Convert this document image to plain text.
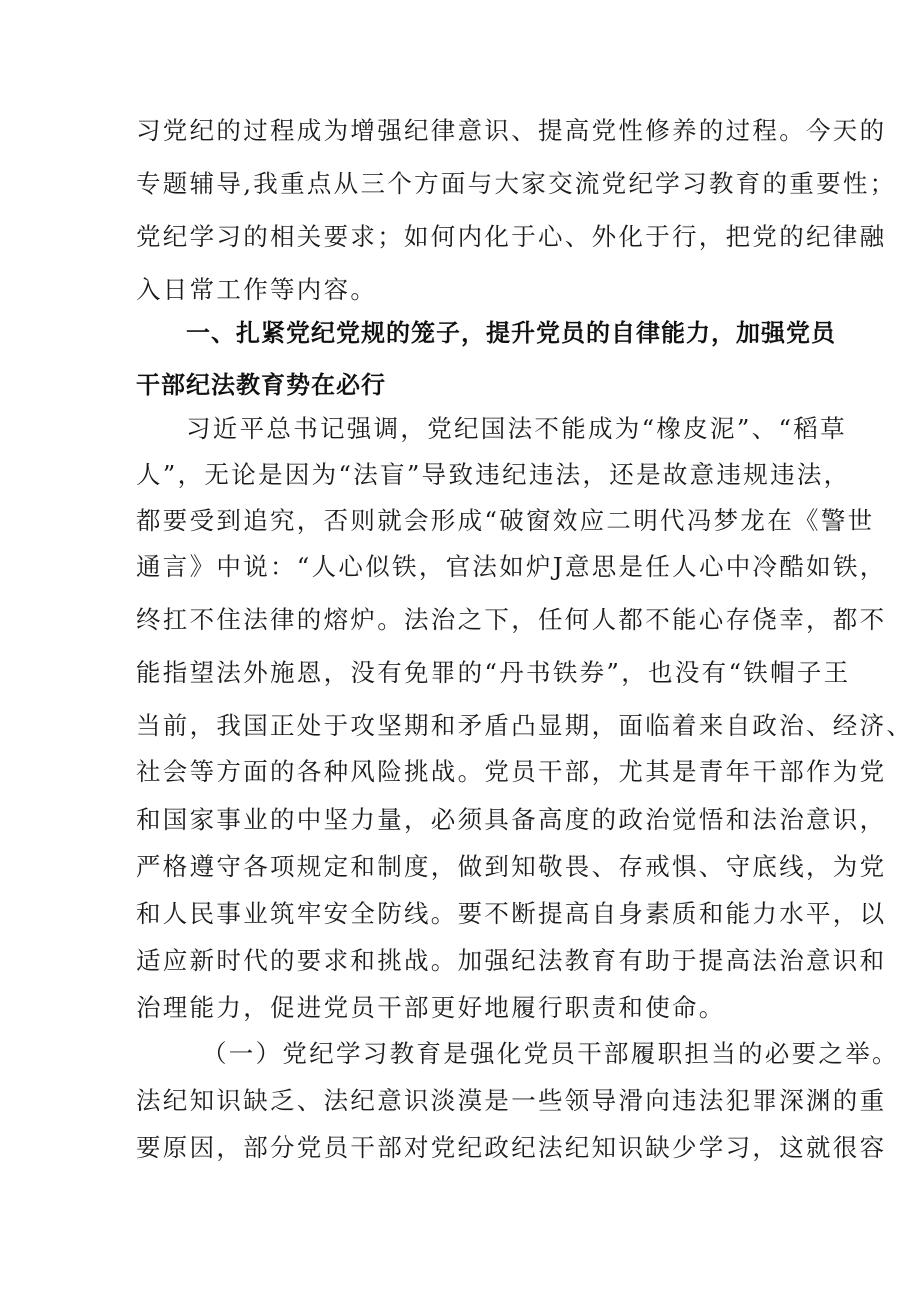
习党纪的过程成为增强纪律意识、提高党性修养的过程。今天的
专题辅导,我重点从三个方面与大家交流党纪学习教育的重要性；
党纪学习的相关要求；如何内化于心、外化于行，把党的纪律融
入日常工作等内容。
一、扎紧党纪党规的笼子，提升党员的自律能力，加强党员
干部纪法教育势在必行
习近平总书记强调，党纪国法不能成为“橡皮泥”、“稻草
人”，无论是因为“法盲”导致违纪违法，还是故意违规违法，
都要受到追究，否则就会形成“破窗效应二明代冯梦龙在《警世
通言》中说：“人心似铁，官法如炉J意思是任人心中冷酷如铁，
终扛不住法律的熔炉。法治之下，任何人都不能心存侥幸，都不
能指望法外施恩，没有免罪的“丹书铁券”，也没有“铁帽子王
当前，我国正处于攻坚期和矛盾凸显期，面临着来自政治、经济、
社会等方面的各种风险挑战。党员干部，尤其是青年干部作为党
和国家事业的中坚力量，必须具备高度的政治觉悟和法治意识，
严格遵守各项规定和制度，做到知敬畏、存戒惧、守底线，为党
和人民事业筑牢安全防线。要不断提高自身素质和能力水平，以
适应新时代的要求和挑战。加强纪法教育有助于提高法治意识和
治理能力，促进党员干部更好地履行职责和使命。
（一）党纪学习教育是强化党员干部履职担当的必要之举。
法纪知识缺乏、法纪意识淡漠是一些领导滑向违法犯罪深渊的重
要原因，部分党员干部对党纪政纪法纪知识缺少学习，这就很容
